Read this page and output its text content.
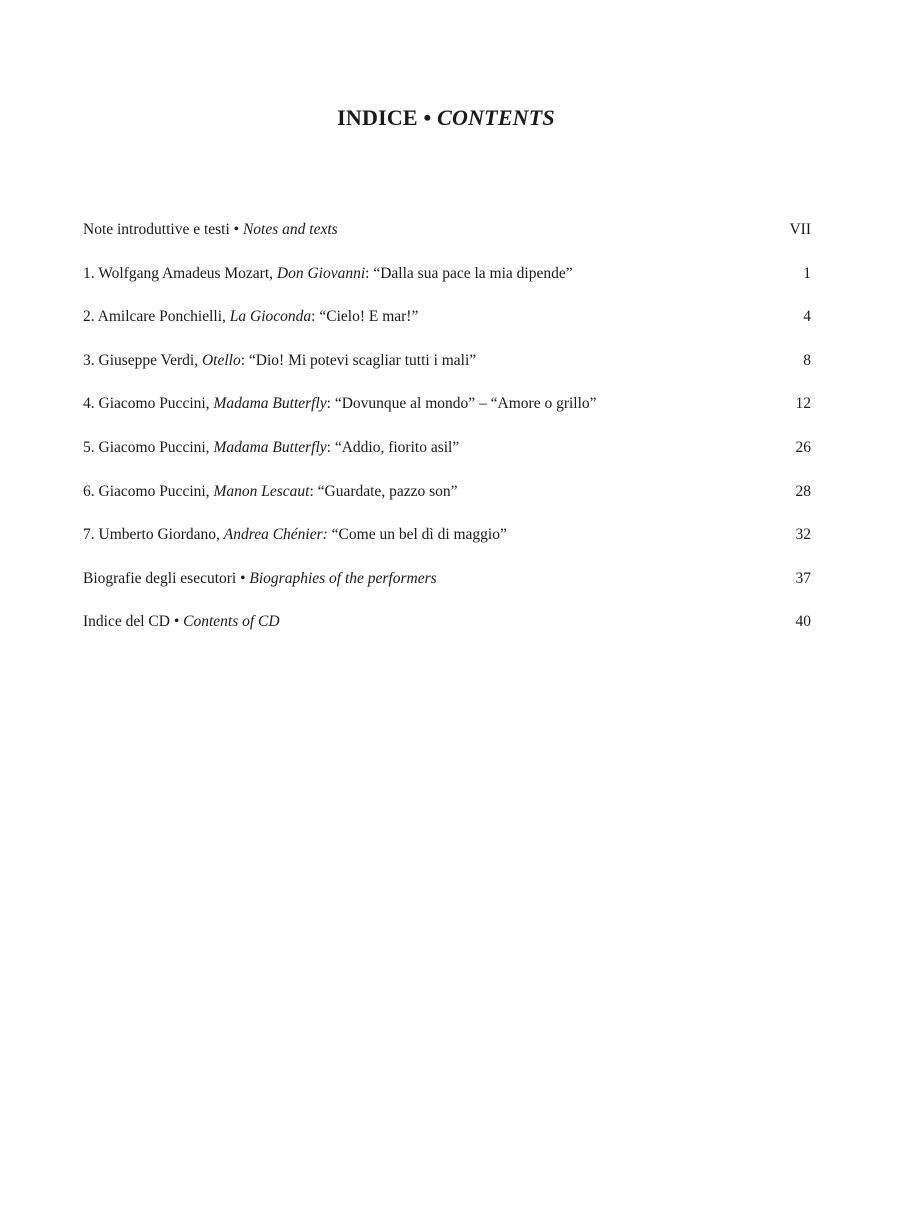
INDICE • CONTENTS
Note introduttive e testi • Notes and texts	VII
1. Wolfgang Amadeus Mozart, Don Giovanni: “Dalla sua pace la mia dipende”	1
2. Amilcare Ponchielli, La Gioconda: “Cielo! E mar!”	4
3. Giuseppe Verdi, Otello: “Dio! Mi potevi scagliar tutti i mali”	8
4. Giacomo Puccini, Madama Butterfly: “Dovunque al mondo” – “Amore o grillo”	12
5. Giacomo Puccini, Madama Butterfly: “Addio, fiorito asil”	26
6. Giacomo Puccini, Manon Lescaut: “Guardate, pazzo son”	28
7. Umberto Giordano, Andrea Chénier: “Come un bel dì di maggio”	32
Biografie degli esecutori • Biographies of the performers	37
Indice del CD • Contents of CD	40
